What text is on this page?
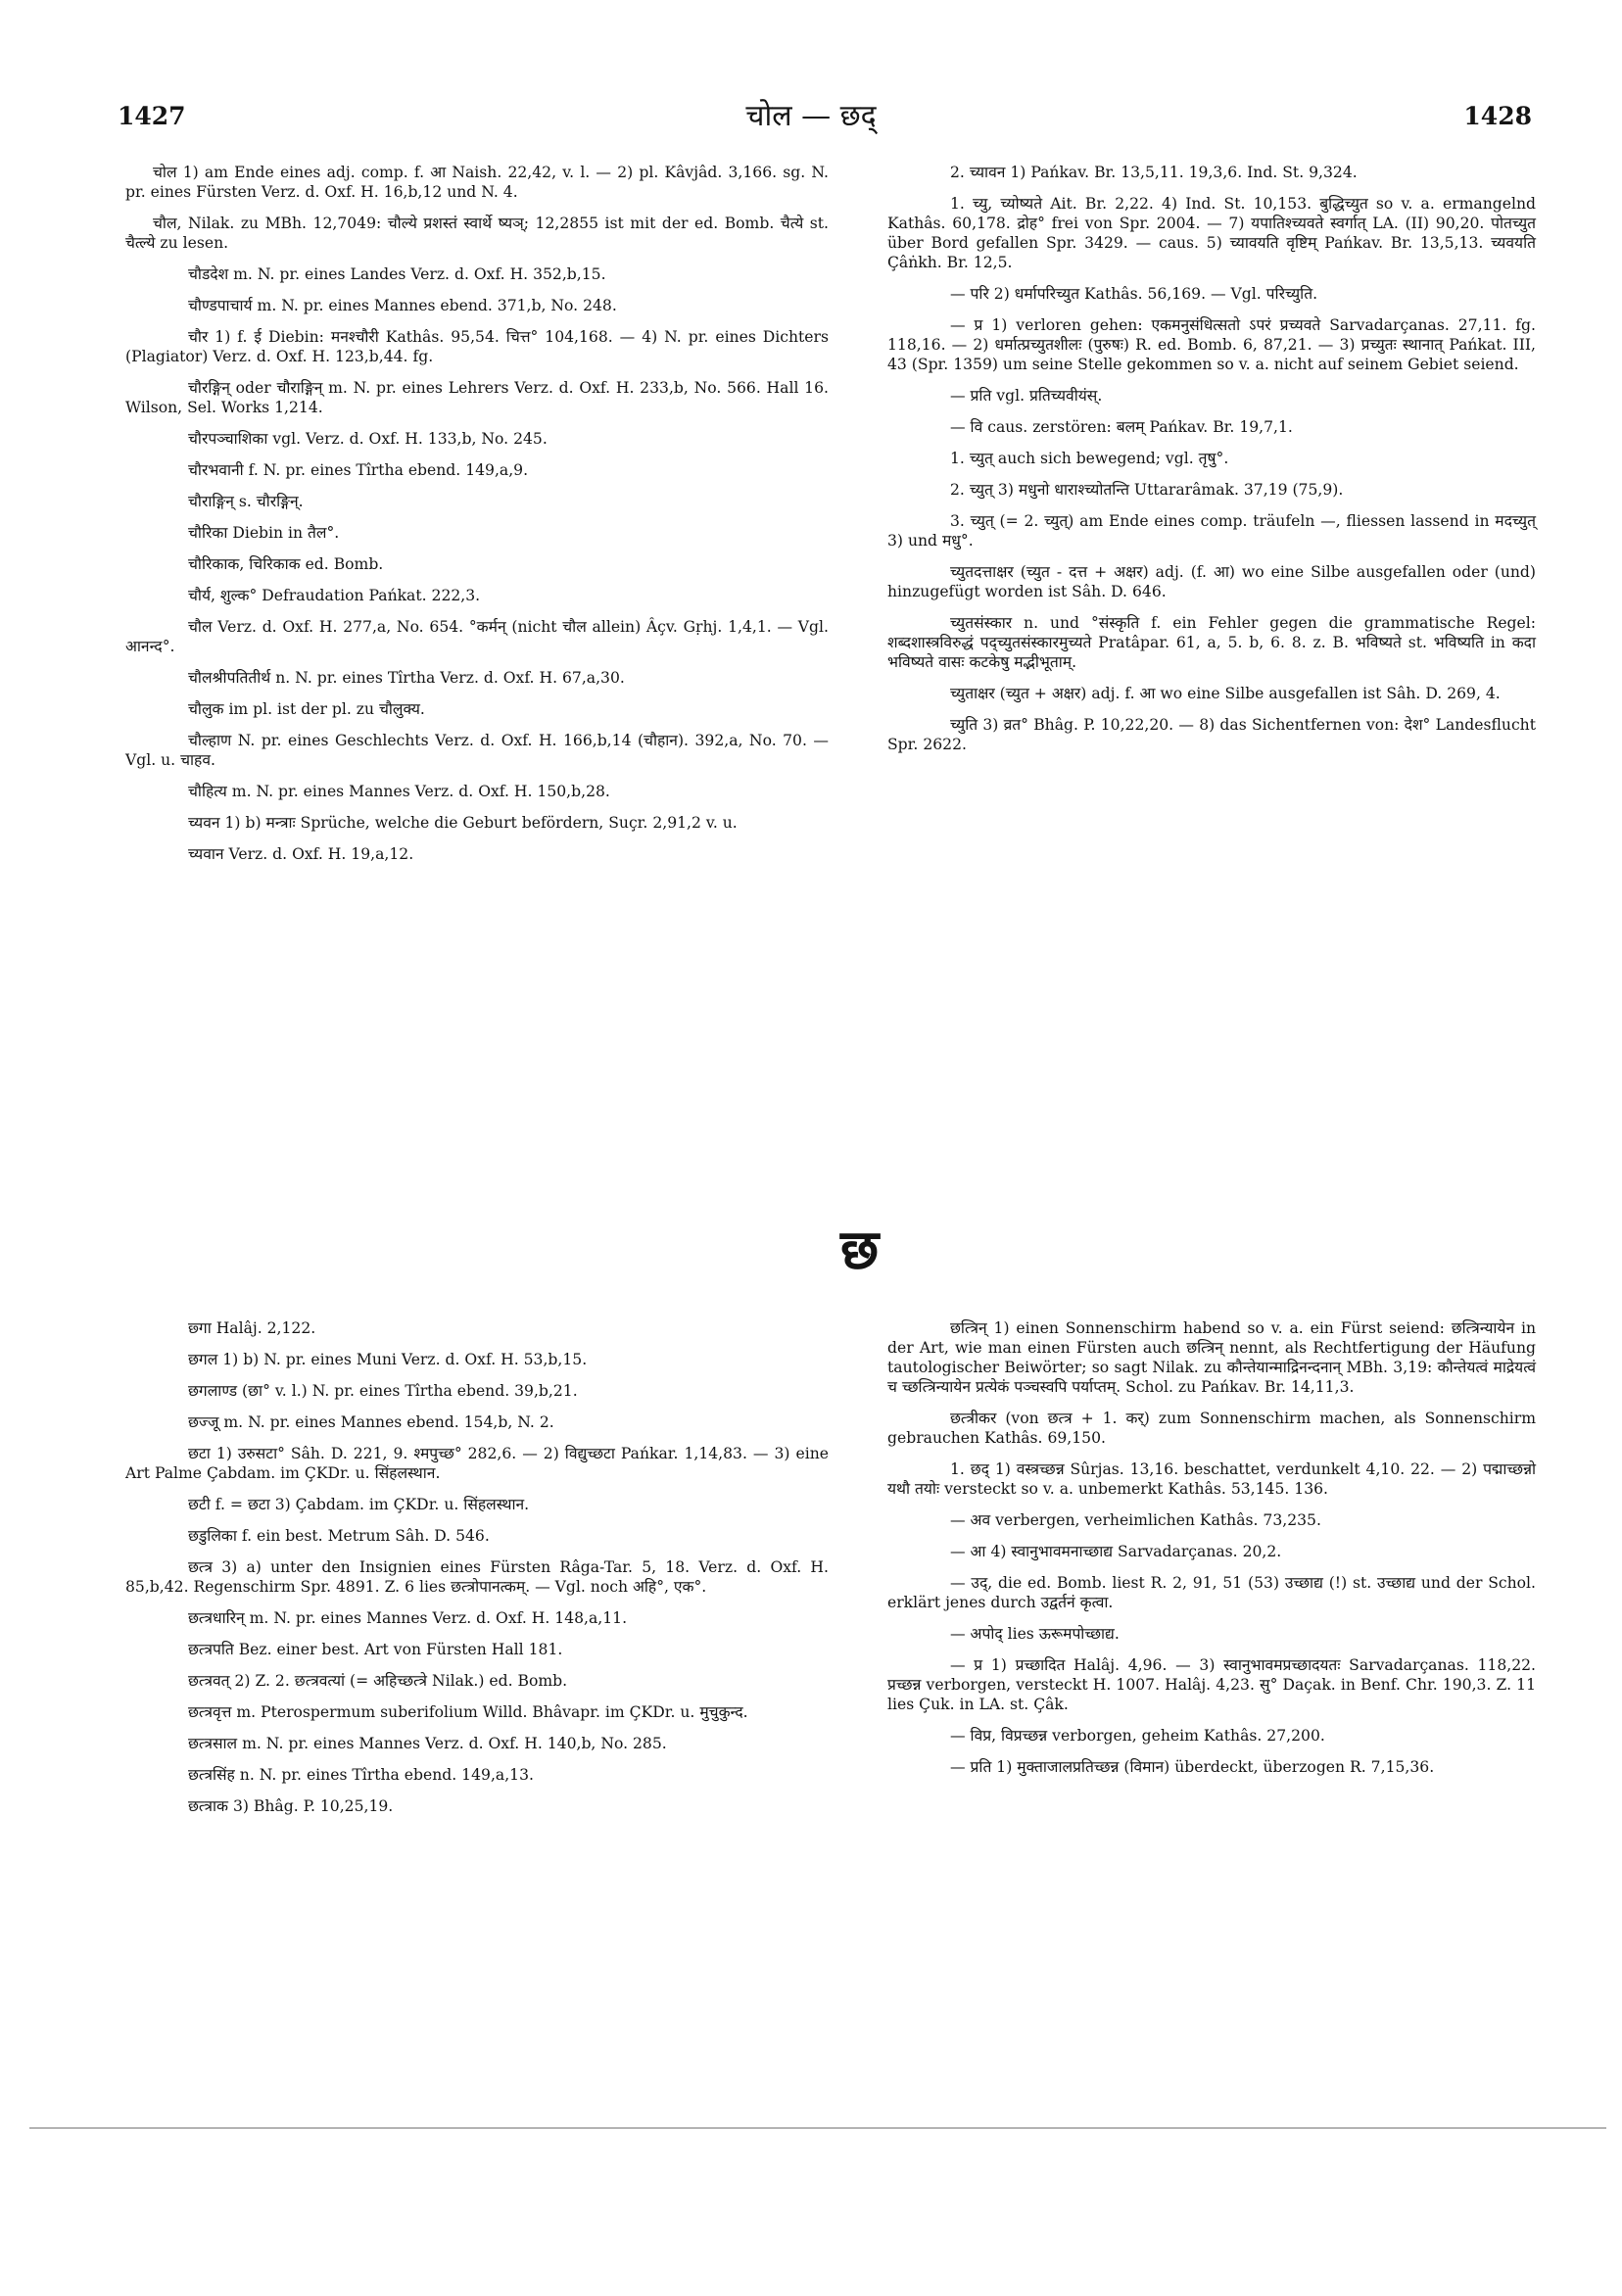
1427	चोल — छद्	1428

चोल 1) am Ende eines adj. comp. f. आ Naish. 22,42, v. l. — 2) pl. Kâvjâd. 3,166. sg. N. pr. eines Fürsten Verz. d. Oxf. H. 16,b,12 und N. 4.

चौल, Nilak. zu MBh. 12,7049: चौल्ये प्रशस्तं स्वार्थे ष्यञ्; 12,2855 ist mit der ed. Bomb. चैत्ये st. चैत्ल्ये zu lesen.

चौडदेश m. N. pr. eines Landes Verz. d. Oxf. H. 352,b,15.

चौण्डपाचार्य m. N. pr. eines Mannes ebend. 371,b, No. 248.

चौर 1) f. ई Diebin: मनश्चौरी Kathâs. 95,54. चित्त° 104,168. — 4) N. pr. eines Dichters (Plagiator) Verz. d. Oxf. H. 123,b,44. fg.

चौरङ्गिन् oder चौराङ्गिन् m. N. pr. eines Lehrers Verz. d. Oxf. H. 233,b, No. 566. Hall 16. Wilson, Sel. Works 1,214.

चौरपञ्चाशिका vgl. Verz. d. Oxf. H. 133,b, No. 245.

चौरभवानी f. N. pr. eines Tîrtha ebend. 149,a,9.

चौराङ्गिन् s. चौरङ्गिन्.

चौरिका Diebin in तैल°.

चौरिकाक, चिरिकाक ed. Bomb.

चौर्य, शुल्क° Defraudation Pańkat. 222,3.

चौल Verz. d. Oxf. H. 277,a, No. 654. °कर्मन् (nicht चौल allein) Âçv. Gṛhj. 1,4,1. — Vgl. आनन्द°.

चौलश्रीपतितीर्थ n. N. pr. eines Tîrtha Verz. d. Oxf. H. 67,a,30.

चौलुक im pl. ist der pl. zu चौलुक्य.

चौल्हाण N. pr. eines Geschlechts Verz. d. Oxf. H. 166,b,14 (चौहान). 392,a, No. 70. — Vgl. u. चाहव.

चौहित्य m. N. pr. eines Mannes Verz. d. Oxf. H. 150,b,28.

च्यवन 1) b) मन्त्राः Sprüche, welche die Geburt befördern, Suçr. 2,91,2 v. u.

च्यवान Verz. d. Oxf. H. 19,a,12.

2. च्यावन 1) Pańkav. Br. 13,5,11. 19,3,6. Ind. St. 9,324.

1. च्यु, च्योष्यते Ait. Br. 2,22. 4) Ind. St. 10,153. बुद्धिच्युत so v. a. ermangelnd Kathâs. 60,178. द्रोह° frei von Spr. 2004. — 7) यपातिश्च्यवते स्वर्गात् LA. (II) 90,20. पोतच्युत über Bord gefallen Spr. 3429. — caus. 5) च्यावयति वृष्टिम् Pańkav. Br. 13,5,13. च्यवयति Çâṅkh. Br. 12,5.

— परि 2) धर्मापरिच्युत Kathâs. 56,169. — Vgl. परिच्युति.

— प्र 1) verloren gehen: एकमनुसंधित्सतो ऽपरं प्रच्यवते Sarvadarçanas. 27,11. fg. 118,16. — 2) धर्मात्प्रच्युतशीलः (पुरुषः) R. ed. Bomb. 6, 87,21. — 3) प्रच्युतः स्थानात् Pańkat. III, 43 (Spr. 1359) um seine Stelle gekommen so v. a. nicht auf seinem Gebiet seiend.

— प्रति vgl. प्रतिच्यवीयंस्.

— वि caus. zerstören: बलम् Pańkav. Br. 19,7,1.

1. च्युत् auch sich bewegend; vgl. तृषु°.

2. च्युत् 3) मधुनो धाराश्च्योतन्ति Uttararâmak. 37,19 (75,9).

3. च्युत् (= 2. च्युत्) am Ende eines comp. träufeln —, fliessen lassend in मदच्युत् 3) und मधु°.

च्युतदत्ताक्षर (च्युत - दत्त + अक्षर) adj. (f. आ) wo eine Silbe ausgefallen oder (und) hinzugefügt worden ist Sâh. D. 646.

च्युतसंस्कार n. und °संस्कृति f. ein Fehler gegen die grammatische Regel: शब्दशास्त्रविरुद्धं पद्च्युतसंस्कारमुच्यते Pratâpar. 61, a, 5. b, 6. 8. z. B. भविष्यते st. भविष्यति in कदा भविष्यते वासः कटकेषु मद्भीभूताम्.

च्युताक्षर (च्युत + अक्षर) adj. f. आ wo eine Silbe ausgefallen ist Sâh. D. 269, 4.

च्युति 3) व्रत° Bhâg. P. 10,22,20. — 8) das Sichentfernen von: देश° Landesflucht Spr. 2622.

छ

छ्गा Halâj. 2,122.

छगल 1) b) N. pr. eines Muni Verz. d. Oxf. H. 53,b,15.

छगलाण्ड (छा° v. l.) N. pr. eines Tîrtha ebend. 39,b,21.

छज्जू m. N. pr. eines Mannes ebend. 154,b, N. 2.

छटा 1) उरुसटा° Sâh. D. 221, 9. श्मपुच्छ° 282,6. — 2) विद्युच्छटा Pańkar. 1,14,83. — 3) eine Art Palme Çabdam. im ÇKDr. u. सिंहलस्थान.

छटी f. = छटा 3) Çabdam. im ÇKDr. u. सिंहलस्थान.

छडुलिका f. ein best. Metrum Sâh. D. 546.

छत्त्र 3) a) unter den Insignien eines Fürsten Râga-Tar. 5, 18. Verz. d. Oxf. H. 85,b,42. Regenschirm Spr. 4891. Z. 6 lies छत्त्रोपानत्कम्. — Vgl. noch अहि°, एक°.

छत्त्रधारिन् m. N. pr. eines Mannes Verz. d. Oxf. H. 148,a,11.

छत्त्रपति Bez. einer best. Art von Fürsten Hall 181.

छत्त्रवत् 2) Z. 2. छत्त्रवत्यां (= अहिच्छत्त्रे Nilak.) ed. Bomb.

छत्त्रवृत्त m. Pterospermum suberifolium Willd. Bhâvapr. im ÇKDr. u. मुचुकुन्द.

छत्त्रसाल m. N. pr. eines Mannes Verz. d. Oxf. H. 140,b, No. 285.

छत्त्रसिंह n. N. pr. eines Tîrtha ebend. 149,a,13.

छत्त्राक 3) Bhâg. P. 10,25,19.

छत्त्रिन् 1) einen Sonnenschirm habend so v. a. ein Fürst seiend: छत्त्रिन्यायेन in der Art, wie man einen Fürsten auch छत्त्रिन् nennt, als Rechtfertigung der Häufung tautologischer Beiwörter; so sagt Nilak. zu कौन्तेयान्माद्रिनन्दनान् MBh. 3,19: कौन्तेयत्वं माद्रेयत्वं च च्छत्त्रिन्यायेन प्रत्येकं पञ्चस्वपि पर्याप्तम्. Schol. zu Pańkav. Br. 14,11,3.

छत्त्रीकर (von छत्त्र + 1. कर्) zum Sonnenschirm machen, als Sonnenschirm gebrauchen Kathâs. 69,150.

1. छद् 1) वस्त्रच्छन्न Sûrjas. 13,16. beschattet, verdunkelt 4,10. 22. — 2) पद्माच्छन्नो यथौ तयोः versteckt so v. a. unbemerkt Kathâs. 53,145. 136.

— अव verbergen, verheimlichen Kathâs. 73,235.

— आ 4) स्वानुभावमनाच्छाद्य Sarvadarçanas. 20,2.

— उद्, die ed. Bomb. liest R. 2, 91, 51 (53) उच्छाद्य (!) st. उच्छाद्य und der Schol. erklärt jenes durch उद्वर्तनं कृत्वा.

— अपोद् lies ऊरूमपोच्छाद्य.

— प्र 1) प्रच्छादित Halâj. 4,96. — 3) स्वानुभावमप्रच्छादयतः Sarvadarçanas. 118,22. प्रच्छन्न verborgen, versteckt H. 1007. Halâj. 4,23. सु° Daçak. in Benf. Chr. 190,3. Z. 11 lies Çuk. in LA. st. Çâk.

— विप्र, विप्रच्छन्न verborgen, geheim Kathâs. 27,200.

— प्रति 1) मुक्ताजालप्रतिच्छन्न (विमान) überdeckt, überzogen R. 7,15,36.
